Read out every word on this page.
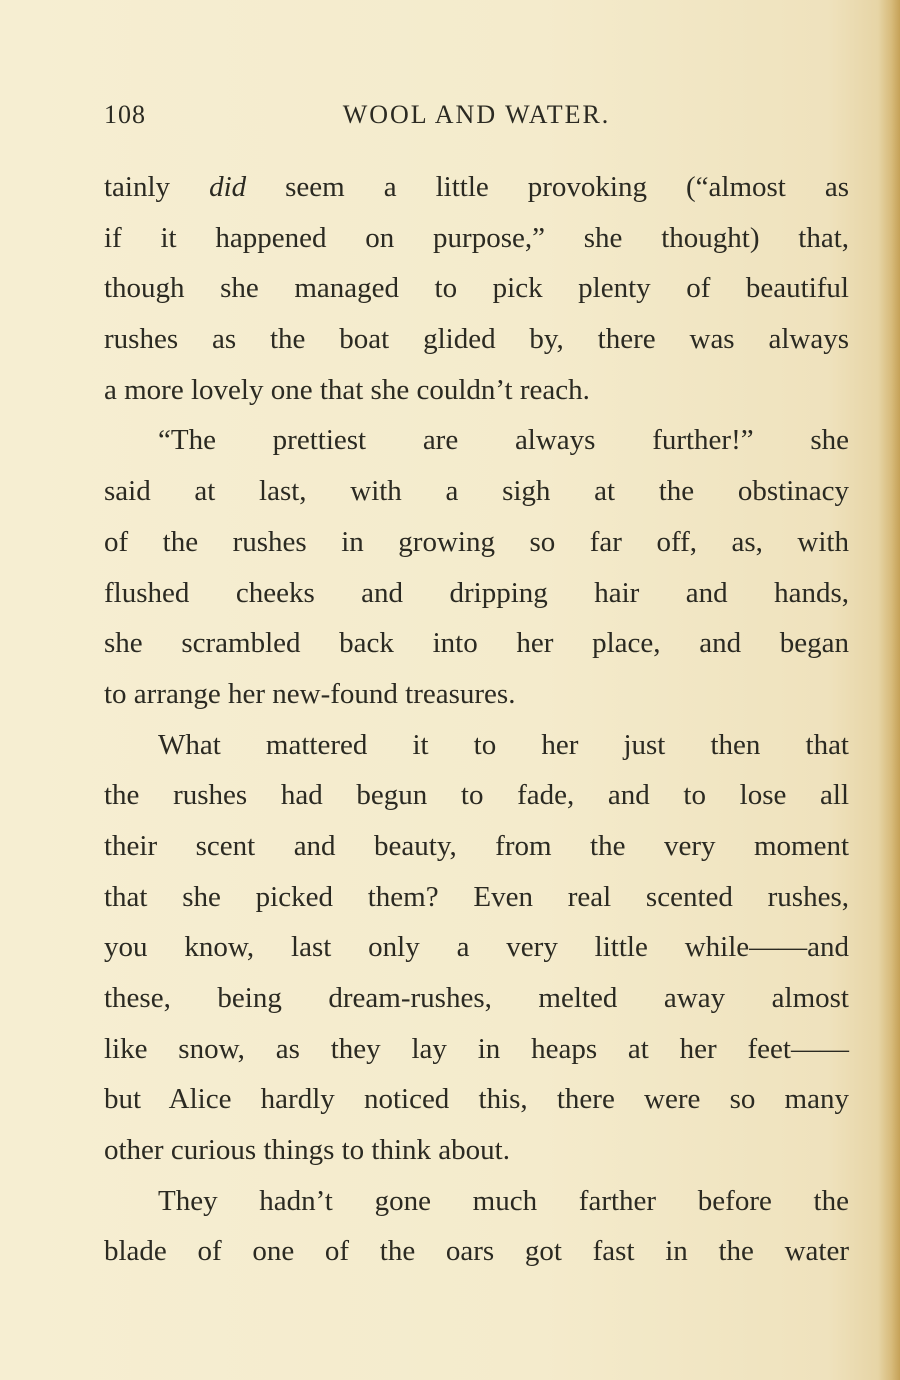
108	WOOL AND WATER.
tainly did seem a little provoking (“almost as
if it happened on purpose,” she thought) that,
though she managed to pick plenty of beautiful
rushes as the boat glided by, there was always
a more lovely one that she couldn’t reach.
“The prettiest are always further!” she
said at last, with a sigh at the obstinacy
of the rushes in growing so far off, as, with
flushed cheeks and dripping hair and hands,
she scrambled back into her place, and began
to arrange her new-found treasures.
What mattered it to her just then that
the rushes had begun to fade, and to lose all
their scent and beauty, from the very moment
that she picked them? Even real scented rushes,
you know, last only a very little while——and
these, being dream-rushes, melted away almost
like snow, as they lay in heaps at her feet——
but Alice hardly noticed this, there were so many
other curious things to think about.
They hadn’t gone much farther before the
blade of one of the oars got fast in the water
